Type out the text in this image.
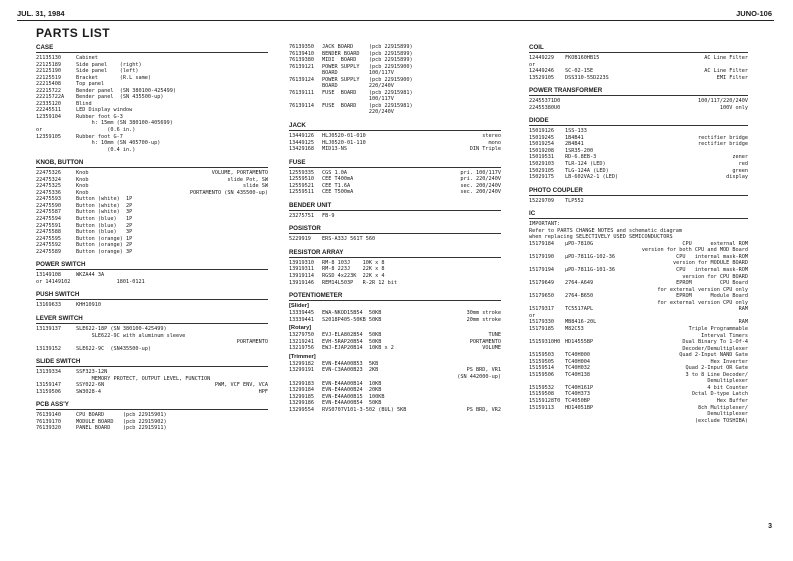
JUL. 31, 1984	JUNO-106
PARTS LIST
CASE
21135130	Cabinet
22125189	Side panel    (right)
22125190	Side panel    (left)
22125519	Bracket       (R.L same)
22215408	Top panel
22215722	Bender panel  (SN 380100-425499)
22215722A	Bender panel  (SN 435500-up)
22335120	Blind
22245511	LED Display window
12359104	Rubber foot G-3
h: 15mm (SN 380100-405699)
or	(0.6 in.)
12359105	Rubber foot G-7
h: 10mm (SN 405700-up)
(0.4 in.)
KNOB, BUTTON
22475326	Knob	VOLUME, PORTAMENTO
22475324	Knob	slide Pot, SW
22475325	Knob	slide SW
22475336	Knob	PORTAMENTO (SN 435500-up)
22475593	Button (white)  1P
22475590	Button (white)  2P
22475587	Button (white)  3P
22475594	Button (blue)   1P
22475591	Button (blue)   2P
22475588	Button (blue)   3P
22475595	Button (orange) 1P
22475592	Button (orange) 2P
22475589	Button (orange) 3P
POWER SWITCH
13149108	WKZA44 3A
or 14149102	1801-0121
PUSH SWITCH
13169633	KHH10910
LEVER SWITCH
13139137	SLE622-18P (SN 380100-425499)
SLE622-9C with aluminum sleeve
PORTAMENTO
13139152	SLE622-9C  (SN435500-up)
SLIDE SWITCH
13139334	SSF323-12N
MEMORY PROTECT, OUTPUT LEVEL, FUNCTION
13159147	SSY022-6N	PWM, VCF ENV, VCA
13159506	SW3028-4	HPF
PCB ASS'Y
76139140	CPU BOARD      (pcb 22915901)
76139170	MODULE BOARD   (pcb 22915902)
76139320	PANEL BOARD    (pcb 22915911)
76139350	JACK BOARD     (pcb 22915899)
76139410	BENDER BOARD   (pcb 22915899)
76139380	MIDI  BOARD    (pcb 22915899)
76139121	POWER SUPPLY   (pcb 22915900)
BOARD          100/117V
76139124	POWER SUPPLY   (pcb 22915900)
BOARD          220/240V
76139111	FUSE  BOARD    (pcb 22915981)
100/117V
76139114	FUSE  BOARD    (pcb 22915981)
220/240V
JACK
13449126	HLJ0520-01-010	stereo
13449125	HLJ0520-01-110	mono
13429168	MID13-NS	DIN Triple
FUSE
12559335	CGS 1.0A	pri. 100/117V
12559510	CEE T400mA	pri. 220/240V
12559521	CEE T1.6A	sec. 200/240V
12559511	CEE T500mA	sec. 200/240V
BENDER UNIT
23275751	FB-9
POSISTOR
5229919	ERS-A33J 561T 560
RESISTOR ARRAY
13919310	RM-8 103J    10K x 8
13919311	RM-8 223J    22K x 8
13919114	RGSD 4x223K  22K x 4
13919146	REM14L503P   R-2R 12 bit
POTENTIOMETER
[Slider]
13339445	EWA-NKOD15B54  50KB	30mm stroke
13339441	S2018P405-50KB 50KB	20mm stroke
[Rotary]
13279750	EVJ-ELA802B54  50KB	TUNE
13219241	EVH-5RAP20B54  50KB	PORTAMENTO
13219756	EWJ-EJAP20B14  10KB x 2	VOLUME
[Trimmer]
13299182	EVN-E4AA00B53  5KB
13299191	EVN-C3AA00B23  2KB	PS BRD, VR1
(SN 442000-up)
13299183	EVN-E4AA00B14  10KB
13299184	EVN-E4AA00B24  20KB
13299185	EVN-E4AA00B15  100KB
13299186	EVN-E4AA00B54  50KB
13299554	RVS0707V101-3-502 (BUL) 5KB	PS BRD, VR2
COIL
12449229	FKOB160HB15	AC Line Filter
or
12449246	SC-02-15E	AC Line Filter
13529105	DSS310-55D223S	EMI Filter
POWER TRANSFORMER
22455371D0	100/117/220/240V
22455380U0	100V only
DIODE
15019126	1SS-133
15019245	1B4B41	rectifier bridge
15019254	2B4B41	rectifier bridge
15019208	1SR35-200
15019531	RD-6.8EB-3	zener
15029103	TLR-124 (LED)	red
15029105	TLG-124A (LED)	green
15029175	LB-602VA2-1 (LED)	display
PHOTO COUPLER
15229709	TLP552
IC
IMPORTANT:
Refer to PARTS CHANGE NOTES and schematic diagram
when replacing SELECTIVELY USED SEMICONDUCTORS
15179184	μPD-7810G	CPU      external ROM
version for both CPU and MOD Board
15179190	μPD-7811G-102-36	CPU   internal mask-ROM
version for MODULE BOARD
15179194	μPD-7811G-101-36	CPU   internal mask-ROM
version for CPU BOARD
15179649	2764-A649	EPROM         CPU Board
for external version CPU only
15179650	2764-B650	EPROM      Module Board
for external version CPU only
15179317	TC5517APL	RAM
or
15179330	MB8416-20L	RAM
15179185	M82C53	Triple Programmable
Interval Timers
15159310H0 HD14555BP	Dual Binary To 1-Of-4
Decoder/Demultiplexer
15159503	TC40H000	Quad 2-Input NAND Gate
15159505	TC40H004	Hex Inverter
15159514	TC40H032	Quad 2-Input OR Gate
15159506	TC40H138	3 to 8 Line Decoder/
Demultiplexer
15159532	TC40H161P	4 bit Counter
15159508	TC40H373	Octal D-type Latch
15159128T0 TC4050BP	Hex Buffer
15159113	HD14051BP	8ch Multiplexer/
Demultiplexer
(exclude TOSHIBA)
3
